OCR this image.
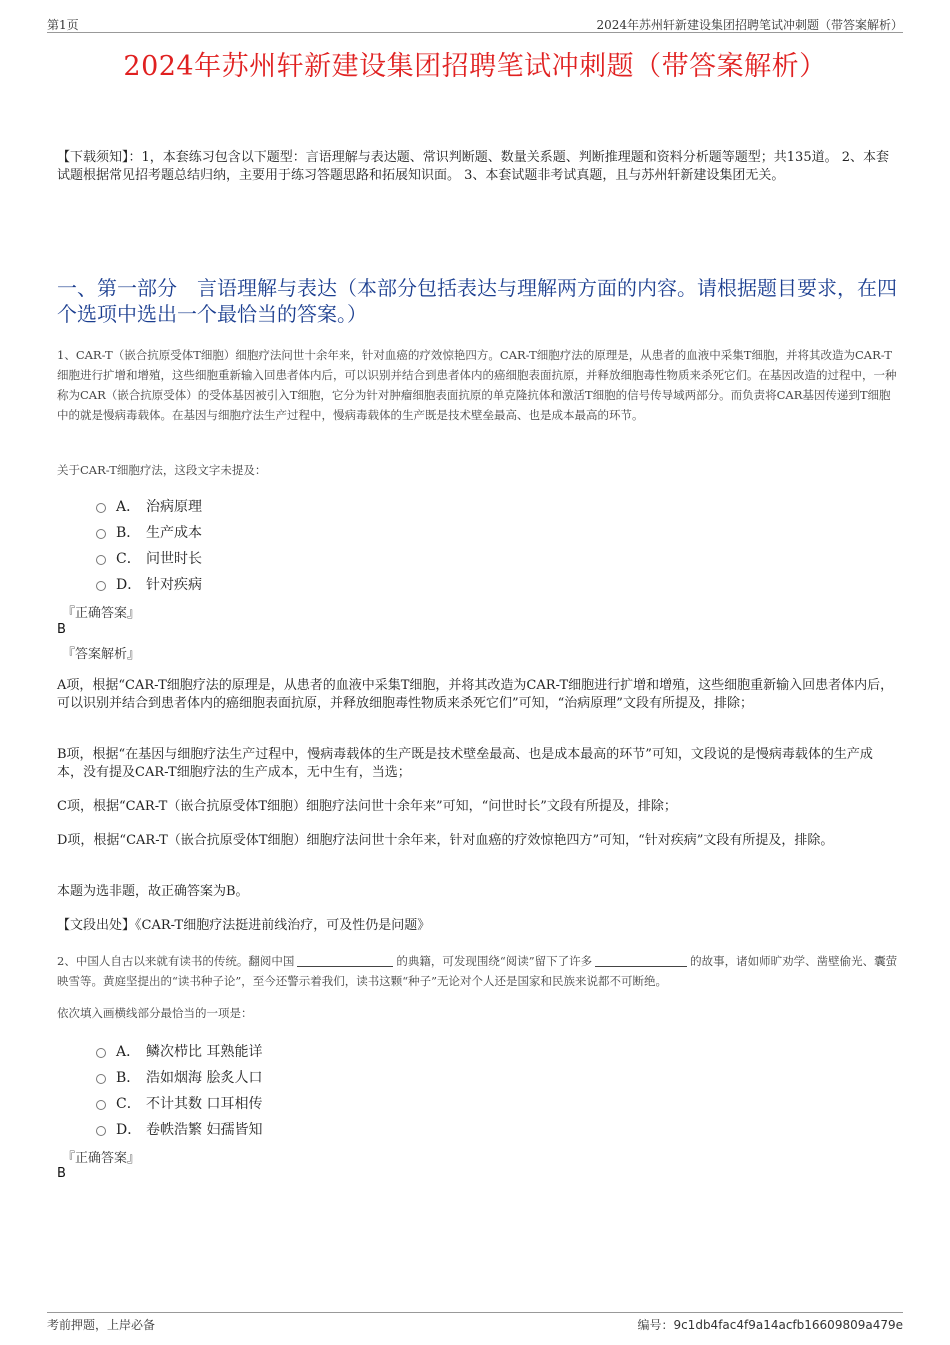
第1页	2024年苏州轩新建设集团招聘笔试冲刺题（带答案解析）
2024年苏州轩新建设集团招聘笔试冲刺题（带答案解析）
【下载须知】：1，本套练习包含以下题型：言语理解与表达题、常识判断题、数量关系题、判断推理题和资料分析题等题型；共135道。 2、本套试题根据常见招考题总结归纳，主要用于练习答题思路和拓展知识面。 3、本套试题非考试真题，且与苏州轩新建设集团无关。
一、第一部分　言语理解与表达（本部分包括表达与理解两方面的内容。请根据题目要求，在四个选项中选出一个最恰当的答案。）
1、CAR-T（嵌合抗原受体T细胞）细胞疗法问世十余年来，针对血癌的疗效惊艳四方。CAR-T细胞疗法的原理是，从患者的血液中采集T细胞，并将其改造为CAR-T细胞进行扩增和增殖，这些细胞重新输入回患者体内后，可以识别并结合到患者体内的癌细胞表面抗原，并释放细胞毒性物质来杀死它们。在基因改造的过程中，一种称为CAR（嵌合抗原受体）的受体基因被引入T细胞，它分为针对肿瘤细胞表面抗原的单克隆抗体和激活T细胞的信号传导域两部分。而负责将CAR基因传递到T细胞中的就是慢病毒载体。在基因与细胞疗法生产过程中，慢病毒载体的生产既是技术壁垒最高、也是成本最高的环节。
关于CAR-T细胞疗法，这段文字未提及：
A． 治病原理
B． 生产成本
C． 问世时长
D． 针对疾病
『正确答案』
B
『答案解析』
A项，根据“CAR-T细胞疗法的原理是，从患者的血液中采集T细胞，并将其改造为CAR-T细胞进行扩增和增殖，这些细胞重新输入回患者体内后，可以识别并结合到患者体内的癌细胞表面抗原，并释放细胞毒性物质来杀死它们”可知，“治病原理”文段有所提及，排除；
B项，根据“在基因与细胞疗法生产过程中，慢病毒载体的生产既是技术壁垒最高、也是成本最高的环节”可知，文段说的是慢病毒载体的生产成本，没有提及CAR-T细胞疗法的生产成本，无中生有，当选；
C项，根据“CAR-T（嵌合抗原受体T细胞）细胞疗法问世十余年来”可知，“问世时长”文段有所提及，排除；
D项，根据“CAR-T（嵌合抗原受体T细胞）细胞疗法问世十余年来，针对血癌的疗效惊艳四方”可知，“针对疾病”文段有所提及，排除。
本题为选非题，故正确答案为B。
【文段出处】《CAR-T细胞疗法挺进前线治疗，可及性仍是问题》
2、中国人自古以来就有读书的传统。翻阅中国	的典籍，可发现围绕“阅读”留下了许多	的故事，诸如师旷劝学、凿壁偷光、囊萤映雪等。黄庭坚提出的“读书种子论”，至今还警示着我们，读书这颗“种子”无论对个人还是国家和民族来说都不可断绝。
依次填入画横线部分最恰当的一项是：
A． 鳞次栉比 耳熟能详
B． 浩如烟海 脍炙人口
C． 不计其数 口耳相传
D． 卷帙浩繁 妇孺皆知
『正确答案』
B
考前押题，上岸必备	编号：9c1db4fac4f9a14acfb16609809a479e
